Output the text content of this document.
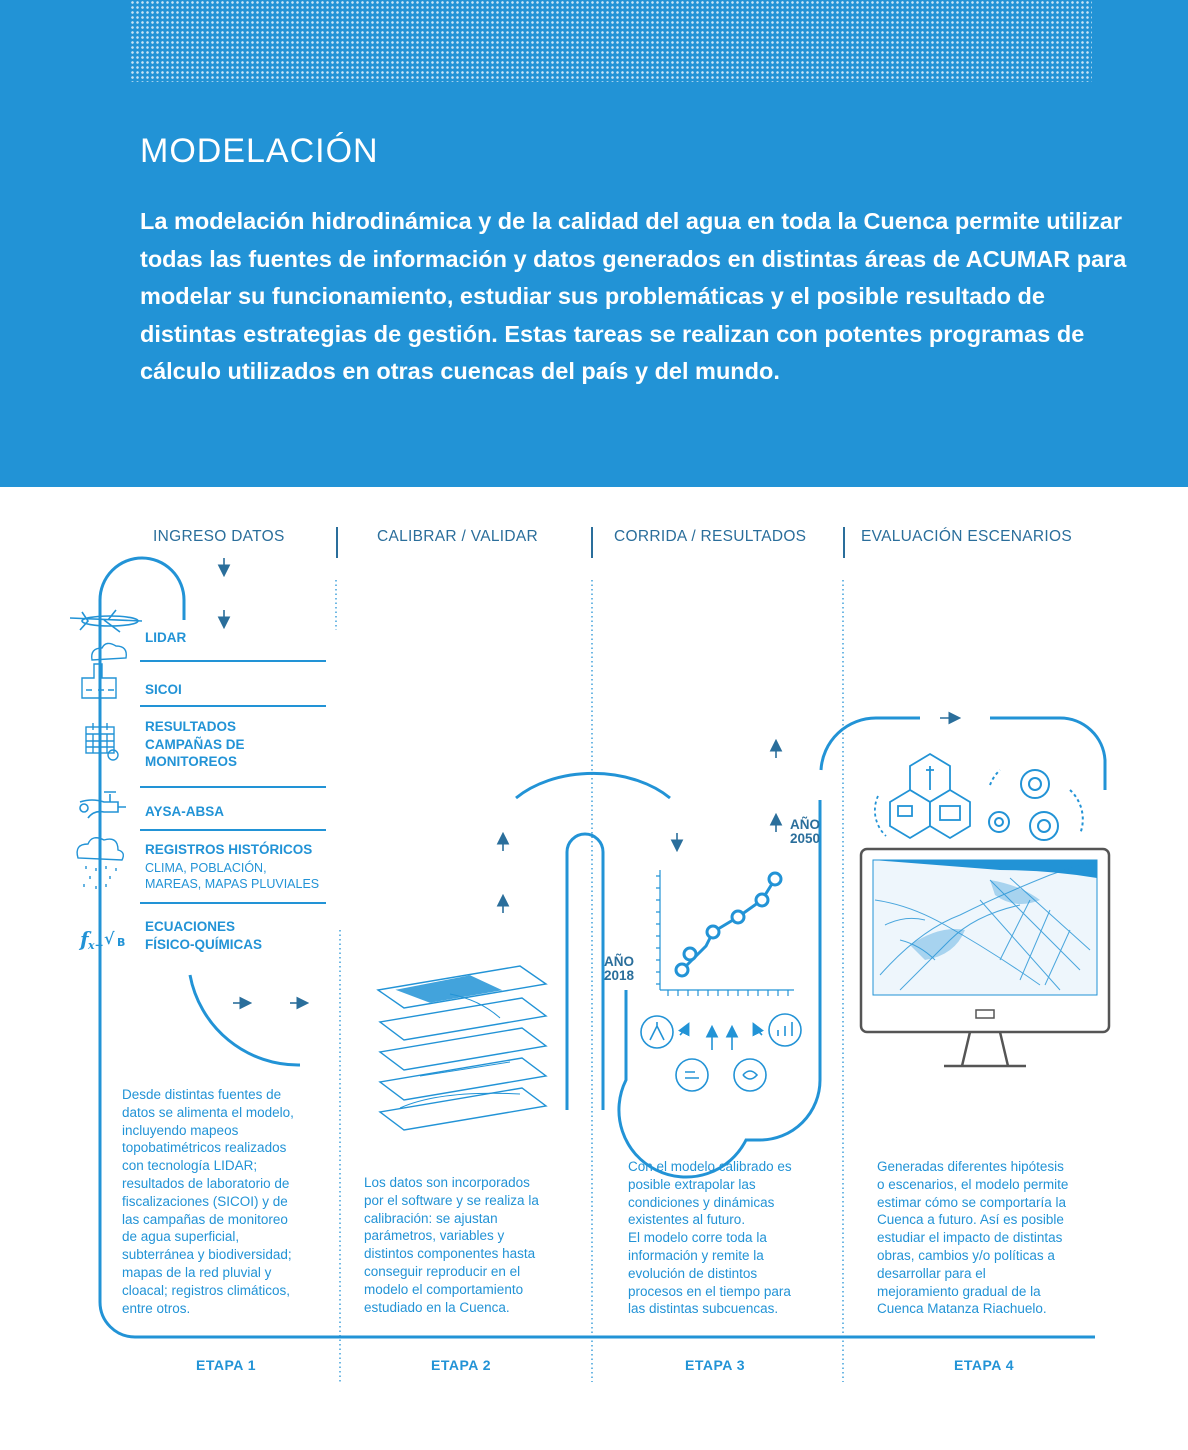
MODELACIÓN
La modelación hidrodinámica y de la calidad del agua en toda la Cuenca permite utilizar todas las fuentes de información y datos generados en distintas áreas de ACUMAR para modelar su funcionamiento, estudiar sus problemáticas y el posible resultado de distintas estrategias de gestión. Estas tareas se realizan con potentes programas de cálculo utilizados en otras cuencas del país y del mundo.
INGRESO DATOS	CALIBRAR / VALIDAR	CORRIDA / RESULTADOS	EVALUACIÓN ESCENARIOS
f x+ √ B
LIDAR
SICOI
RESULTADOS
CAMPAÑAS DE
MONITOREOS
AYSA-ABSA
REGISTROS HISTÓRICOS
CLIMA, POBLACIÓN,
MAREAS, MAPAS PLUVIALES
ECUACIONES
FÍSICO-QUÍMICAS
AÑO
2018
AÑO
2050
Desde distintas fuentes de
datos se alimenta el modelo,
incluyendo mapeos
topobatimétricos realizados
con tecnología LIDAR;
resultados de laboratorio de
fiscalizaciones (SICOI) y de
las campañas de monitoreo
de agua superficial,
subterránea y biodiversidad;
mapas de la red pluvial y
cloacal; registros climáticos,
entre otros.
Los datos son incorporados
por el software y se realiza la
calibración: se ajustan
parámetros, variables y
distintos componentes hasta
conseguir reproducir en el
modelo el comportamiento
estudiado en la Cuenca.
Con el modelo calibrado es
posible extrapolar las
condiciones y dinámicas
existentes al futuro.
El modelo corre toda la
información y remite la
evolución de distintos
procesos en el tiempo para
las distintas subcuencas.
Generadas diferentes hipótesis
o escenarios, el modelo permite
estimar cómo se comportaría la
Cuenca a futuro. Así es posible
estudiar el impacto de distintas
obras, cambios y/o políticas a
desarrollar para el
mejoramiento gradual de la
Cuenca Matanza Riachuelo.
ETAPA 1	ETAPA 2	ETAPA 3	ETAPA 4
